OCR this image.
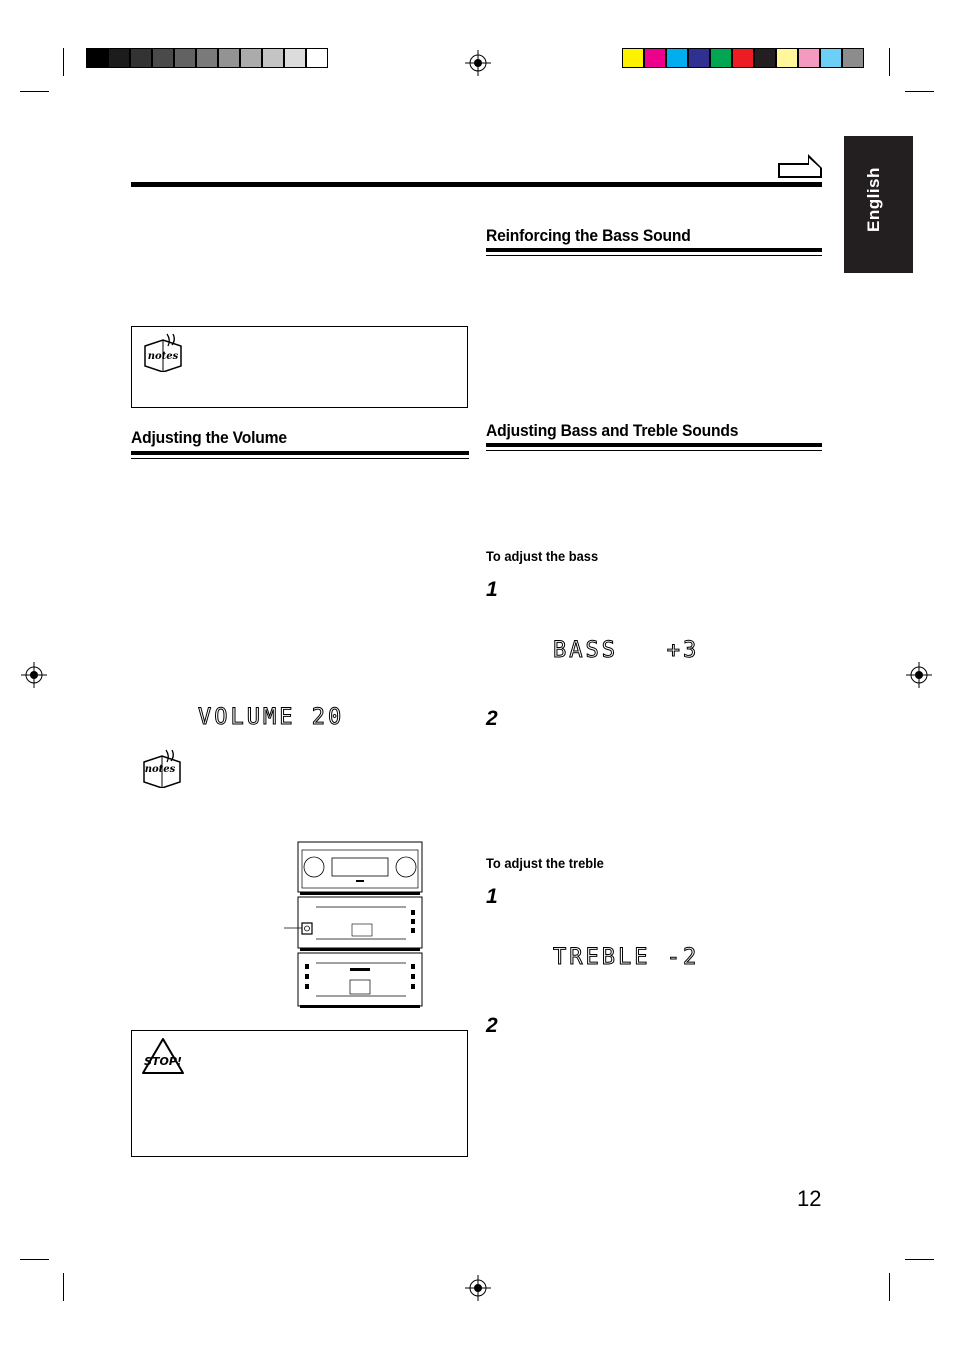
English
notes
Adjusting the Volume
VOLUME 20
notes
STOP!
Reinforcing the Bass Sound
Adjusting Bass and Treble Sounds
To adjust the bass
1
BASS   +3
2
To adjust the treble
1
TREBLE -2
2
12
